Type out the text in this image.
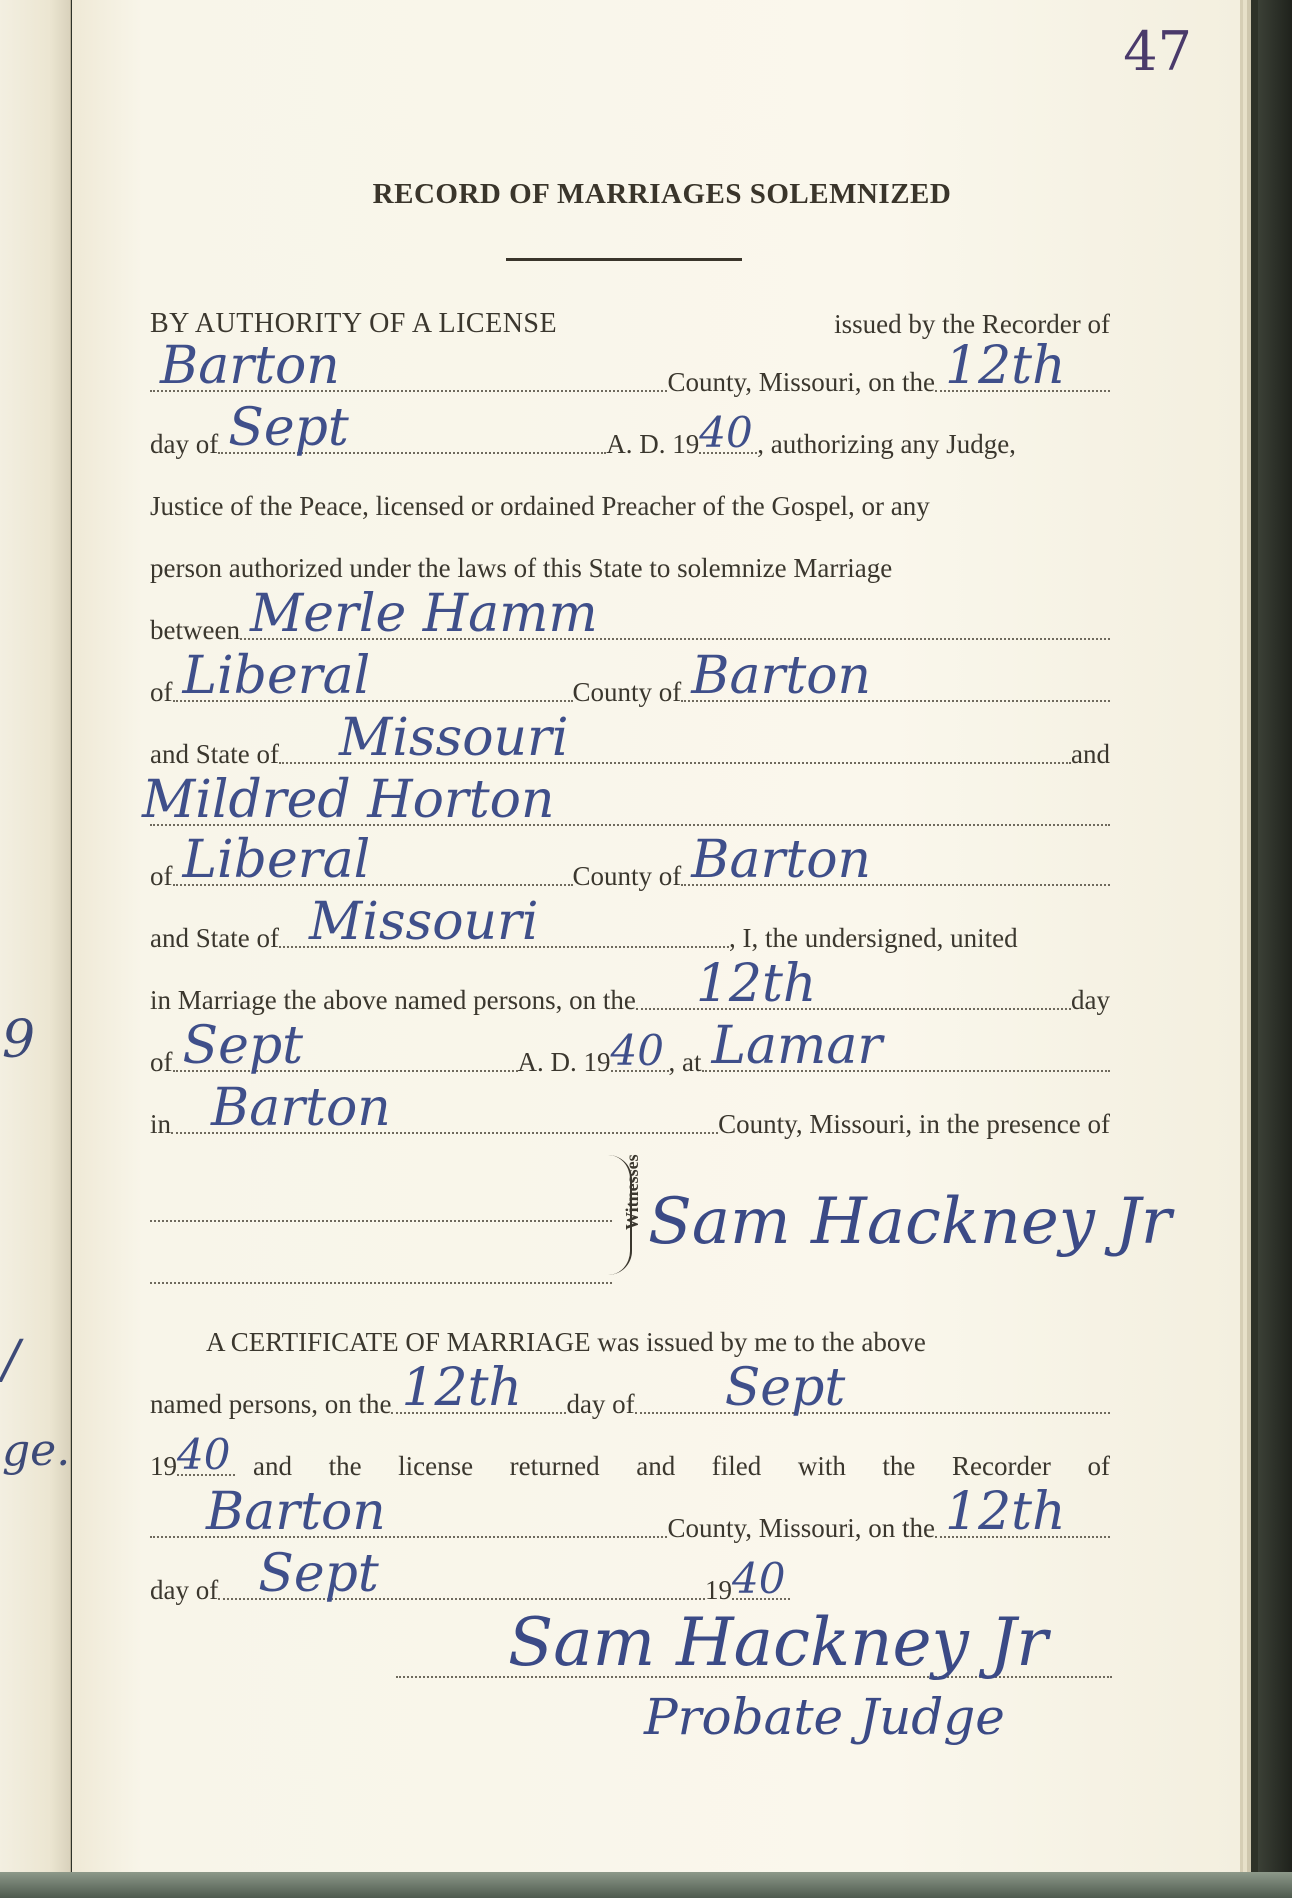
9
/
ge.
47
RECORD OF MARRIAGES SOLEMNIZED
BY AUTHORITY OF A LICENSE	issued by the Recorder of
Barton	County, Missouri, on the 12th
day of Sept	A. D. 19 40 , authorizing any Judge,
Justice of the Peace, licensed or ordained Preacher of the Gospel, or any
person authorized under the laws of this State to solemnize Marriage
between Merle Hamm
of Liberal	County of Barton
and State of Missouri	and
Mildred Horton
of Liberal	County of Barton
and State of Missouri	, I, the undersigned, united
in Marriage the above named persons, on the 12th	day
of Sept	A. D. 19 40 , at Lamar
in Barton	County, Missouri, in the presence of
Witnesses Sam Hackney Jr
A CERTIFICATE OF MARRIAGE was issued by me to the above
named persons, on the 12th day of Sept
19 40 and the license returned and filed with the Recorder of
Barton	County, Missouri, on the 12th
day of Sept	19 40
Sam Hackney Jr
Probate Judge
